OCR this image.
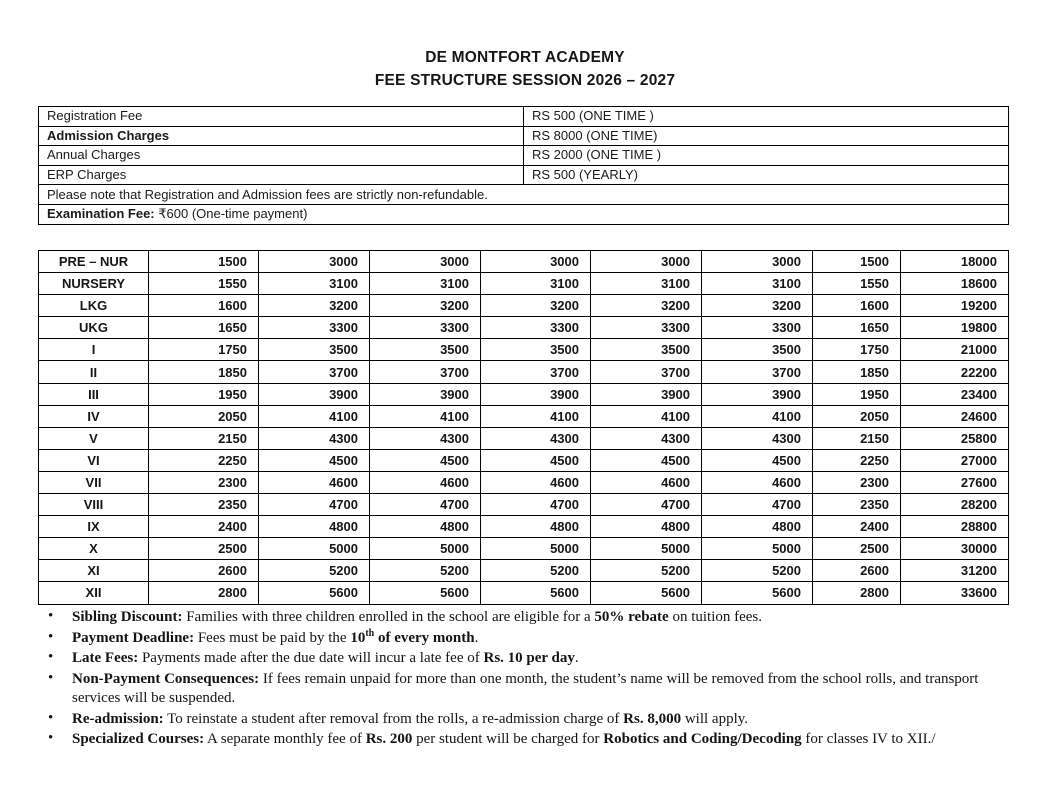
DE MONTFORT ACADEMY
FEE STRUCTURE SESSION 2026 – 2027
Registration Fee	RS 500 (ONE TIME )
Admission Charges	RS 8000 (ONE TIME)
Annual Charges	RS 2000 (ONE TIME )
ERP Charges	RS 500 (YEARLY)
Please note that Registration and Admission fees are strictly non-refundable.	
Examination Fee: ₹600 (One-time payment)	
PRE – NUR	1500	3000	3000	3000	3000	3000	1500	18000
NURSERY	1550	3100	3100	3100	3100	3100	1550	18600
LKG	1600	3200	3200	3200	3200	3200	1600	19200
UKG	1650	3300	3300	3300	3300	3300	1650	19800
I	1750	3500	3500	3500	3500	3500	1750	21000
II	1850	3700	3700	3700	3700	3700	1850	22200
III	1950	3900	3900	3900	3900	3900	1950	23400
IV	2050	4100	4100	4100	4100	4100	2050	24600
V	2150	4300	4300	4300	4300	4300	2150	25800
VI	2250	4500	4500	4500	4500	4500	2250	27000
VII	2300	4600	4600	4600	4600	4600	2300	27600
VIII	2350	4700	4700	4700	4700	4700	2350	28200
IX	2400	4800	4800	4800	4800	4800	2400	28800
X	2500	5000	5000	5000	5000	5000	2500	30000
XI	2600	5200	5200	5200	5200	5200	2600	31200
XII	2800	5600	5600	5600	5600	5600	2800	33600
• Sibling Discount: Families with three children enrolled in the school are eligible for a 50% rebate on tuition fees.
• Payment Deadline: Fees must be paid by the 10th of every month.
• Late Fees: Payments made after the due date will incur a late fee of Rs. 10 per day.
• Non-Payment Consequences: If fees remain unpaid for more than one month, the student’s name will be removed from the school rolls, and transport services will be suspended.
• Re-admission: To reinstate a student after removal from the rolls, a re-admission charge of Rs. 8,000 will apply.
• Specialized Courses: A separate monthly fee of Rs. 200 per student will be charged for Robotics and Coding/Decoding for classes IV to XII./
